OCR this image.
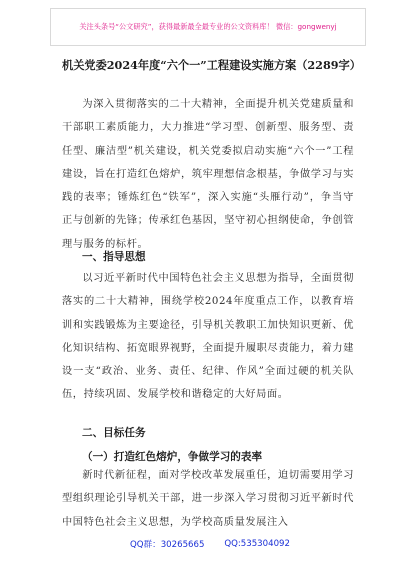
关注头条号“公文研究”，获得最新最全最专业的公文资料库！ 微信：gongwenyj
机关党委2024年度“六个一”工程建设实施方案（2289字）

为深入贯彻落实的二十大精神，全面提升机关党建质量和干部职工素质能力，大力推进“学习型、创新型、服务型、责任型、廉洁型”机关建设，机关党委拟启动实施“六个一”工程建设，旨在打造红色熔炉，筑牢理想信念根基，争做学习与实践的表率；锤炼红色“铁军”，深入实施“头雁行动”，争当守正与创新的先锋；传承红色基因，坚守初心担纲使命，争创管理与服务的标杆。

一、指导思想

以习近平新时代中国特色社会主义思想为指导，全面贯彻落实的二十大精神，围绕学校2024年度重点工作，以教育培训和实践锻炼为主要途径，引导机关教职工加快知识更新、优化知识结构、拓宽眼界视野，全面提升履职尽责能力，着力建设一支“政治、业务、责任、纪律、作风”全面过硬的机关队伍，持续巩固、发展学校和谐稳定的大好局面。

二、目标任务
（一）打造红色熔炉，争做学习的表率

新时代新征程，面对学校改革发展重任，迫切需要用学习型组织理论引导机关干部，进一步深入学习贯彻习近平新时代中国特色社会主义思想，为学校高质量发展注入

QQ群：30265665 QQ:535304092
